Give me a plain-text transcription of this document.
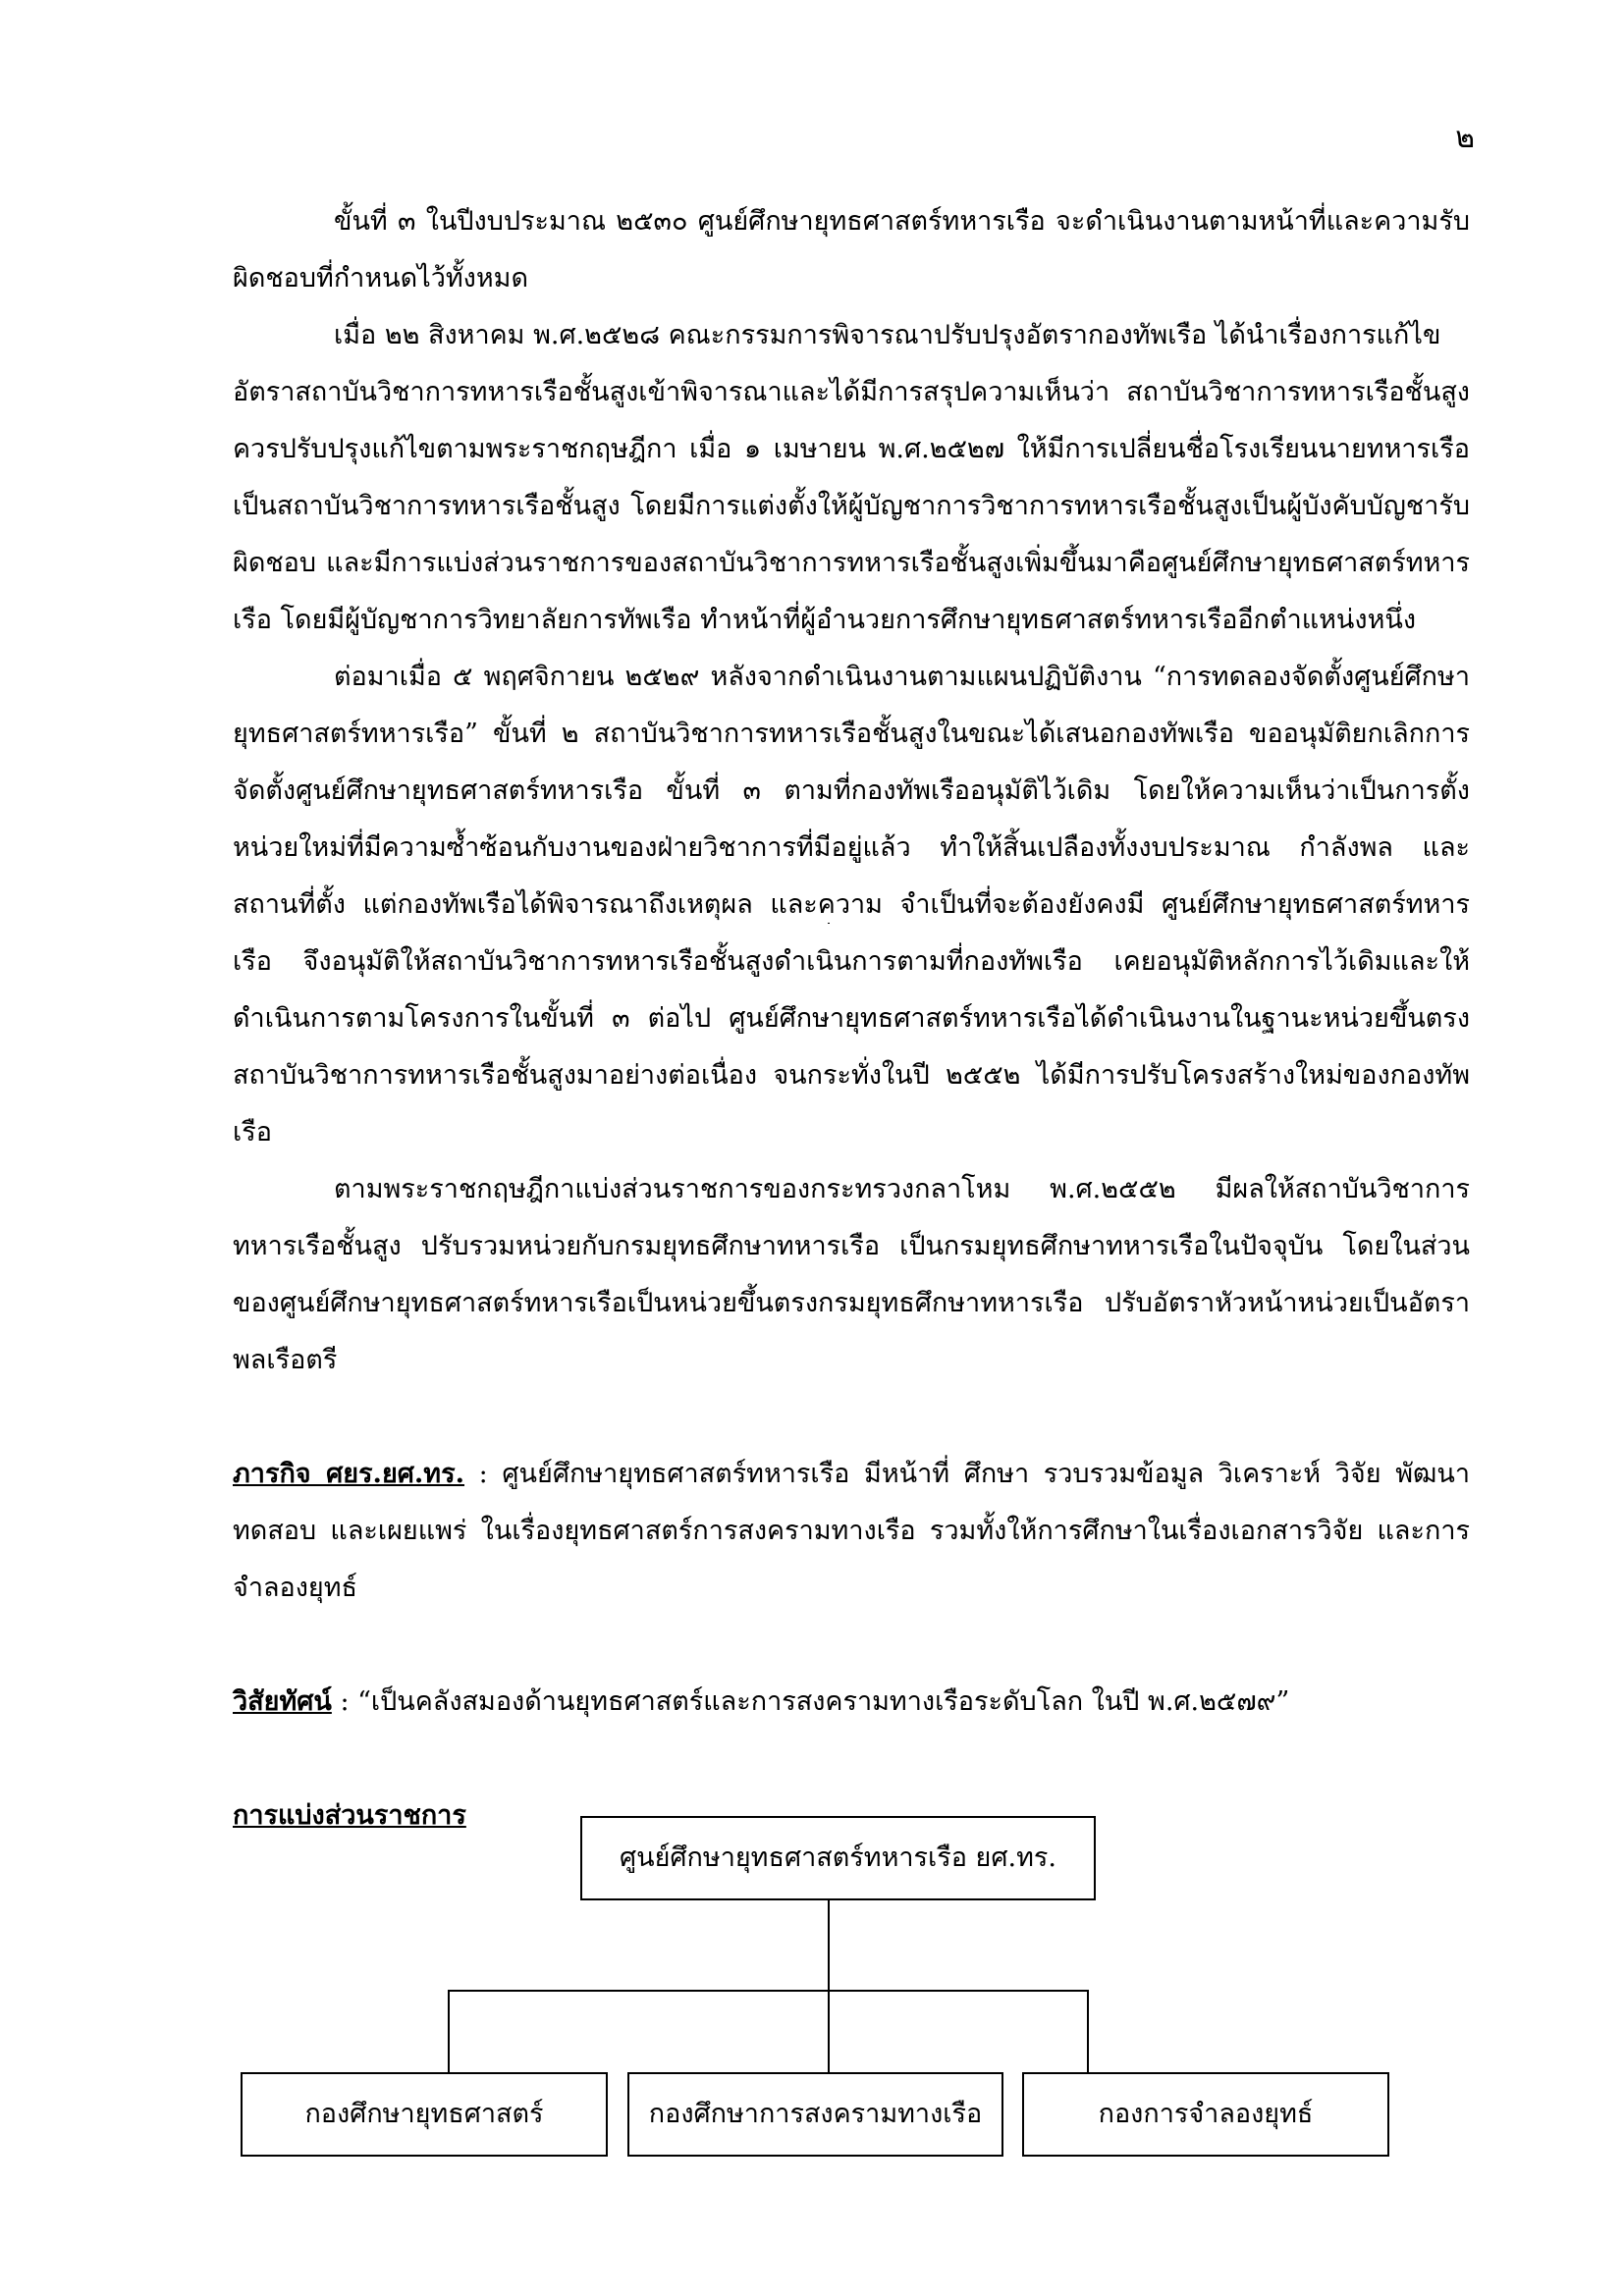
๒

ขั้นที่ ๓ ในปีงบประมาณ ๒๕๓๐ ศูนย์ศึกษายุทธศาสตร์ทหารเรือ จะดำเนินงานตามหน้าที่และความรับผิดชอบที่กำหนดไว้ทั้งหมด

เมื่อ ๒๒ สิงหาคม พ.ศ.๒๕๒๘ คณะกรรมการพิจารณาปรับปรุงอัตรากองทัพเรือ ได้นำเรื่องการแก้ไข

อัตราสถาบันวิชาการทหารเรือชั้นสูงเข้าพิจารณาและได้มีการสรุปความเห็นว่า สถาบันวิชาการทหารเรือชั้นสูงควรปรับปรุงแก้ไขตามพระราชกฤษฎีกา เมื่อ ๑ เมษายน พ.ศ.๒๕๒๗ ให้มีการเปลี่ยนชื่อโรงเรียนนายทหารเรือเป็นสถาบันวิชาการทหารเรือชั้นสูง โดยมีการแต่งตั้งให้ผู้บัญชาการวิชาการทหารเรือชั้นสูงเป็นผู้บังคับบัญชารับผิดชอบ และมีการแบ่งส่วนราชการของสถาบันวิชาการทหารเรือชั้นสูงเพิ่มขึ้นมาคือศูนย์ศึกษายุทธศาสตร์ทหารเรือ โดยมีผู้บัญชาการวิทยาลัยการทัพเรือ ทำหน้าที่ผู้อำนวยการศึกษายุทธศาสตร์ทหารเรืออีกตำแหน่งหนึ่ง

ต่อมาเมื่อ ๕ พฤศจิกายน ๒๕๒๙ หลังจากดำเนินงานตามแผนปฏิบัติงาน “การทดลองจัดตั้งศูนย์ศึกษายุทธศาสตร์ทหารเรือ” ขั้นที่ ๒ สถาบันวิชาการทหารเรือชั้นสูงในขณะได้เสนอกองทัพเรือ ขออนุมัติยกเลิกการจัดตั้งศูนย์ศึกษายุทธศาสตร์ทหารเรือ ขั้นที่ ๓ ตามที่กองทัพเรืออนุมัติไว้เดิม โดยให้ความเห็นว่าเป็นการตั้งหน่วยใหม่ที่มีความซ้ำซ้อนกับงานของฝ่ายวิชาการที่มีอยู่แล้ว ทำให้สิ้นเปลืองทั้งงบประมาณ กำลังพล และสถานที่ตั้ง แต่กองทัพเรือได้พิจารณาถึงเหตุผล และความ จำเป็นที่จะต้องยังคงมี ศูนย์ศึกษายุทธศาสตร์ทหารเรือ จึงอนุมัติให้สถาบันวิชาการทหารเรือชั้นสูงดำเนินการตามที่กองทัพเรือ เคยอนุมัติหลักการไว้เดิมและให้ดำเนินการตามโครงการในขั้นที่ ๓ ต่อไป ศูนย์ศึกษายุทธศาสตร์ทหารเรือได้ดำเนินงานในฐานะหน่วยขึ้นตรงสถาบันวิชาการทหารเรือชั้นสูงมาอย่างต่อเนื่อง จนกระทั่งในปี ๒๕๕๒ ได้มีการปรับโครงสร้างใหม่ของกองทัพเรือ

ตามพระราชกฤษฎีกาแบ่งส่วนราชการของกระทรวงกลาโหม พ.ศ.๒๕๕๒ มีผลให้สถาบันวิชาการทหารเรือชั้นสูง ปรับรวมหน่วยกับกรมยุทธศึกษาทหารเรือ เป็นกรมยุทธศึกษาทหารเรือในปัจจุบัน โดยในส่วนของศูนย์ศึกษายุทธศาสตร์ทหารเรือเป็นหน่วยขึ้นตรงกรมยุทธศึกษาทหารเรือ ปรับอัตราหัวหน้าหน่วยเป็นอัตราพลเรือตรี

ภารกิจ ศยร.ยศ.ทร. : ศูนย์ศึกษายุทธศาสตร์ทหารเรือ มีหน้าที่ ศึกษา รวบรวมข้อมูล วิเคราะห์ วิจัย พัฒนา ทดสอบ และเผยแพร่ ในเรื่องยุทธศาสตร์การสงครามทางเรือ รวมทั้งให้การศึกษาในเรื่องเอกสารวิจัย และการจำลองยุทธ์

วิสัยทัศน์ : “เป็นคลังสมองด้านยุทธศาสตร์และการสงครามทางเรือระดับโลก ในปี พ.ศ.๒๕๗๙”

การแบ่งส่วนราชการ

ศูนย์ศึกษายุทธศาสตร์ทหารเรือ ยศ.ทร.
กองศึกษายุทธศาสตร์	กองศึกษาการสงครามทางเรือ	กองการจำลองยุทธ์
